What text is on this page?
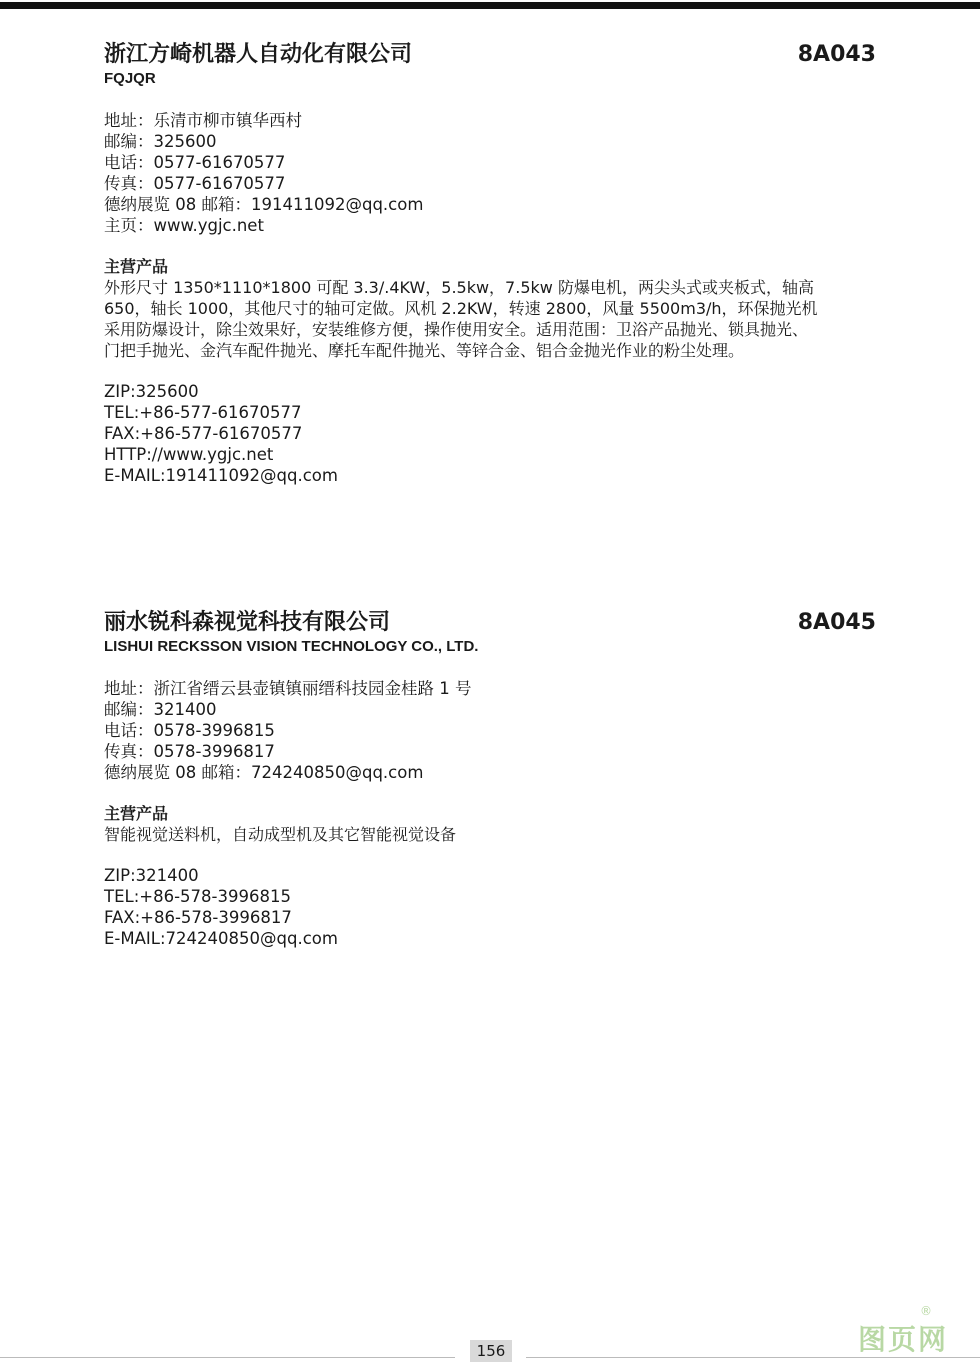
浙江方崎机器人自动化有限公司	8A043
FQJQR
地址：乐清市柳市镇华西村
邮编：325600
电话：0577-61670577
传真：0577-61670577
德纳展览 08 邮箱：191411092@qq.com
主页：www.ygjc.net
主营产品
外形尺寸 1350*1110*1800 可配 3.3/.4KW，5.5kw，7.5kw 防爆电机，两尖头式或夹板式，轴高
650，轴长 1000，其他尺寸的轴可定做。风机 2.2KW，转速 2800，风量 5500m3/h，环保抛光机
采用防爆设计，除尘效果好，安装维修方便，操作使用安全。适用范围：卫浴产品抛光、锁具抛光、
门把手抛光、金汽车配件抛光、摩托车配件抛光、等锌合金、铝合金抛光作业的粉尘处理。
ZIP:325600
TEL:+86-577-61670577
FAX:+86-577-61670577
HTTP://www.ygjc.net
E-MAIL:191411092@qq.com
丽水锐科森视觉科技有限公司	8A045
LISHUI RECKSSON VISION TECHNOLOGY CO., LTD.
地址：浙江省缙云县壶镇镇丽缙科技园金桂路 1 号
邮编：321400
电话：0578-3996815
传真：0578-3996817
德纳展览 08 邮箱：724240850@qq.com
主营产品
智能视觉送料机，自动成型机及其它智能视觉设备
ZIP:321400
TEL:+86-578-3996815
FAX:+86-578-3996817
E-MAIL:724240850@qq.com
156
®
图页网
